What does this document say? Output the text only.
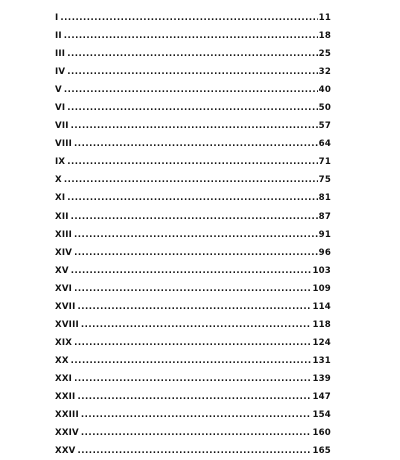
I .....	11
II .....	18
III .....	25
IV .....	32
V .....	40
VI .....	50
VII .....	57
VIII .....	64
IX .....	71
X .....	75
XI .....	81
XII .....	87
XIII .....	91
XIV .....	96
XV .....	103
XVI .....	109
XVII .....	114
XVIII .....	118
XIX .....	124
XX .....	131
XXI .....	139
XXII .....	147
XXIII .....	154
XXIV .....	160
XXV .....	165
